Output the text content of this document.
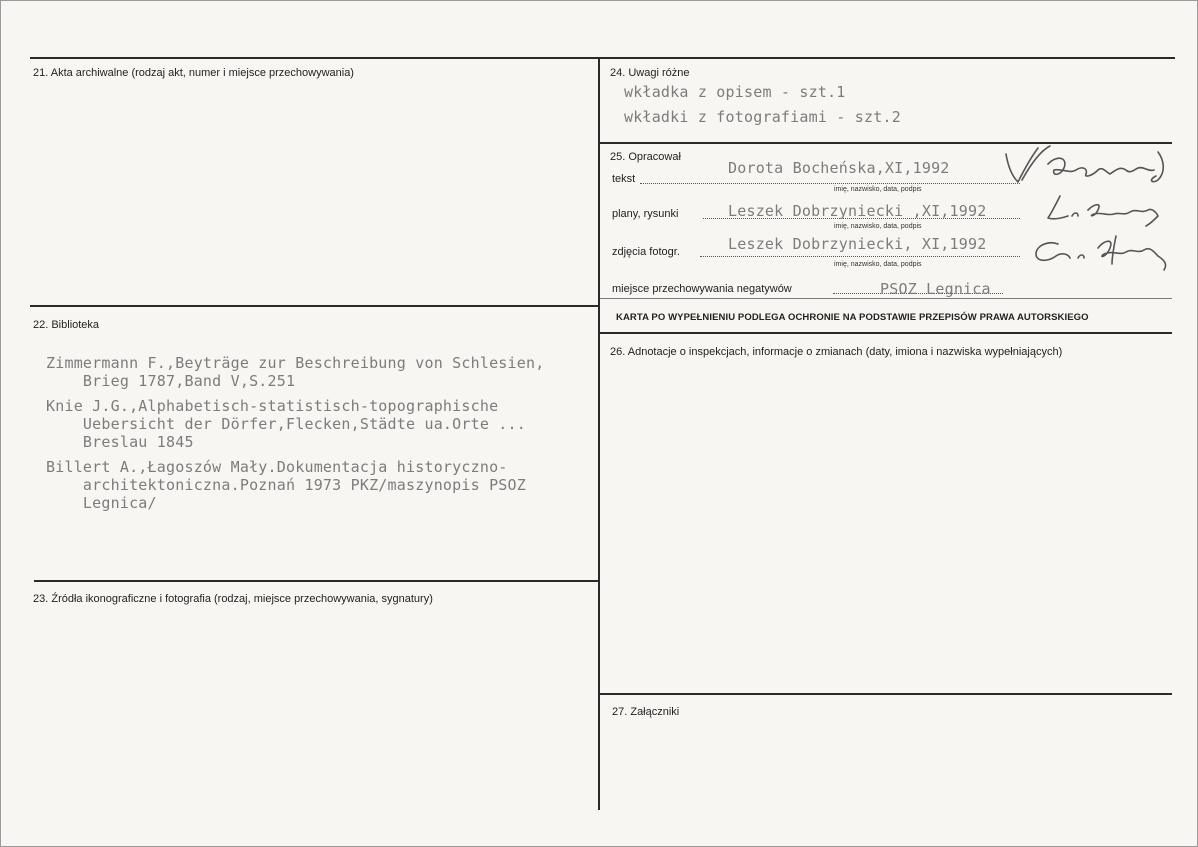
21. Akta archiwalne (rodzaj akt, numer i miejsce przechowywania)
22. Biblioteka
Zimmermann F.,Beyträge zur Beschreibung von Schlesien,
Brieg 1787,Band V,S.251
Knie J.G.,Alphabetisch-statistisch-topographische
Uebersicht der Dörfer,Flecken,Städte ua.Orte ...
Breslau 1845
Billert A.,Łagoszów Mały.Dokumentacja historyczno-
architektoniczna.Poznań 1973 PKZ/maszynopis PSOZ
Legnica/
23. Źródła ikonograficzne i fotografia (rodzaj, miejsce przechowywania, sygnatury)
24. Uwagi różne
wkładka z opisem - szt.1
wkładki z fotografiami - szt.2
25. Opracował
tekst
Dorota Bocheńska,XI,1992
imię, nazwisko, data, podpis
plany, rysunki	Leszek Dobrzyniecki ,XI,1992
imię, nazwisko, data, podpis
zdjęcia fotogr.	Leszek Dobrzyniecki, XI,1992
imię, nazwisko, data, podpis
miejsce przechowywania negatywów	PSOZ Legnica
KARTA PO WYPEŁNIENIU PODLEGA OCHRONIE NA PODSTAWIE PRZEPISÓW PRAWA AUTORSKIEGO
26. Adnotacje o inspekcjach, informacje o zmianach (daty, imiona i nazwiska wypełniających)
27. Załączniki
